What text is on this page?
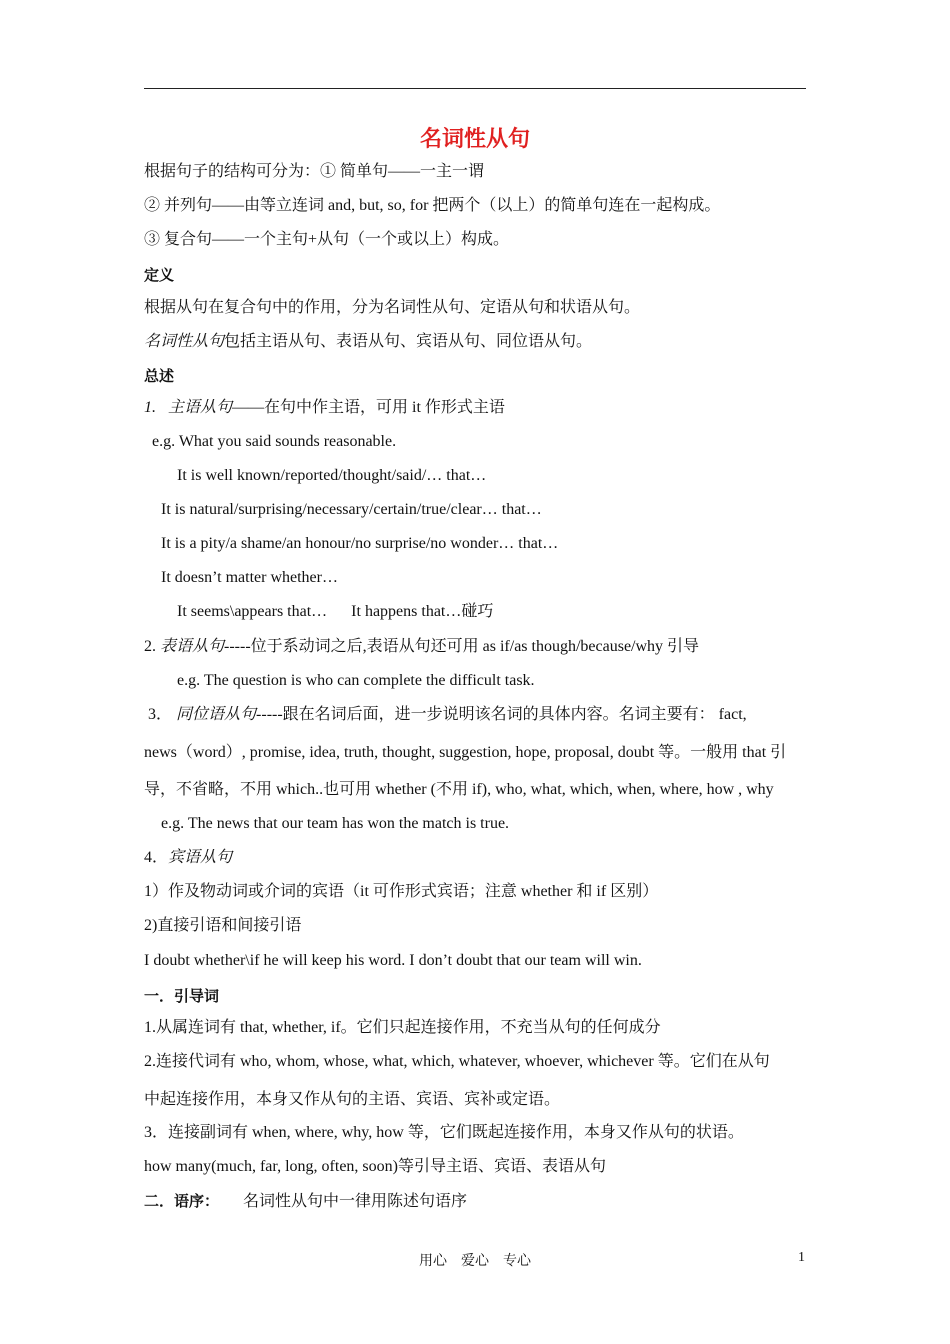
名词性从句
根据句子的结构可分为：① 简单句——一主一谓
② 并列句——由等立连词 and, but, so, for 把两个（以上）的简单句连在一起构成。
③ 复合句——一个主句+从句（一个或以上）构成。
定义
根据从句在复合句中的作用，分为名词性从句、定语从句和状语从句。
名词性从句包括主语从句、表语从句、宾语从句、同位语从句。
总述
1.   主语从句——在句中作主语，可用 it 作形式主语
e.g. What you said sounds reasonable.
It is well known/reported/thought/said/… that…
It is natural/surprising/necessary/certain/true/clear… that…
It is a pity/a shame/an honour/no surprise/no wonder… that…
It doesn’t matter whether…
It seems\appears that…      It happens that…碰巧
2. 表语从句-----位于系动词之后,表语从句还可用 as if/as though/because/why 引导
e.g. The question is who can complete the difficult task.
3． 同位语从句-----跟在名词后面，进一步说明该名词的具体内容。名词主要有： fact,
news（word）, promise, idea, truth, thought, suggestion, hope, proposal, doubt 等。一般用 that 引
导，不省略，不用 which..也可用 whether (不用 if), who, what, which, when, where, how , why
e.g. The news that our team has won the match is true.
4．宾语从句
1）作及物动词或介词的宾语（it 可作形式宾语；注意 whether 和 if 区别）
2)直接引语和间接引语
I doubt whether\if he will keep his word. I don’t doubt that our team will win.
一．引导词
1.从属连词有 that, whether, if。它们只起连接作用，不充当从句的任何成分
2.连接代词有 who, whom, whose, what, which, whatever, whoever, whichever 等。它们在从句
中起连接作用，本身又作从句的主语、宾语、宾补或定语。
3．连接副词有 when, where, why, how 等，它们既起连接作用，本身又作从句的状语。
how many(much, far, long, often, soon)等引导主语、宾语、表语从句
二．语序：      名词性从句中一律用陈述句语序
用心    爱心    专心	1
